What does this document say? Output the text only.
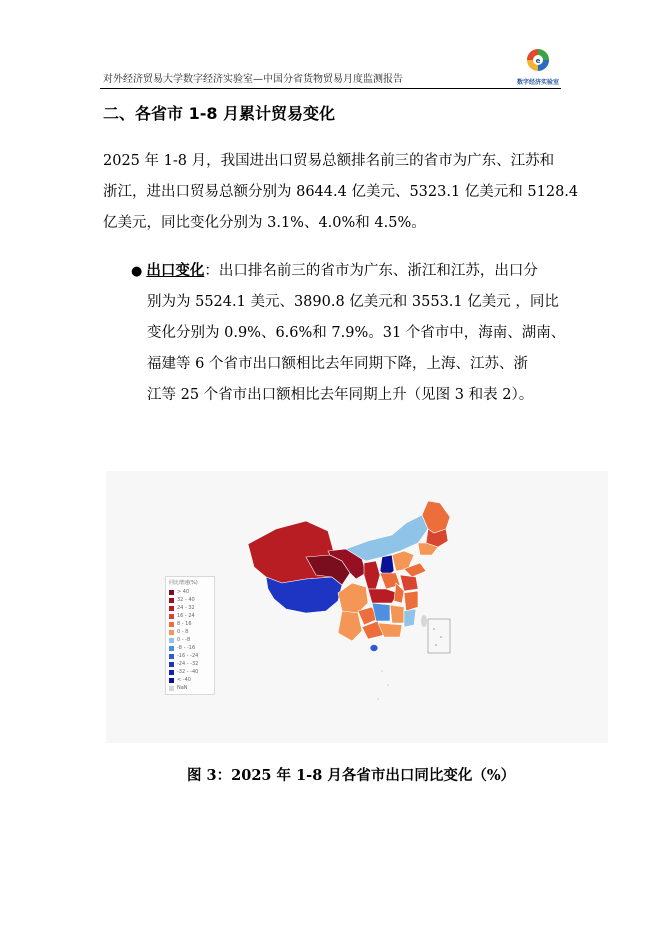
对外经济贸易大学数字经济实验室—中国分省货物贸易月度监测报告
e
数字经济实验室
二、各省市 1-8 月累计贸易变化

2025 年 1-8 月，我国进出口贸易总额排名前三的省市为广东、江苏和

浙江，进出口贸易总额分别为 8644.4 亿美元、5323.1 亿美元和 5128.4

亿美元，同比变化分别为 3.1%、4.0%和 4.5%。

● 出口变化：出口排名前三的省市为广东、浙江和江苏，出口分

别为为 5524.1 美元、3890.8 亿美元和 3553.1 亿美元 ，同比

变化分别为 0.9%、6.6%和 7.9%。31 个省市中，海南、湖南、

福建等 6 个省市出口额相比去年同期下降，上海、江苏、浙

江等 25 个省市出口额相比去年同期上升（见图 3 和表 2）。

同比增速(%)
> 40
32 - 40
24 - 32
16 - 24
8 - 16
0 - 8
0 - -8
-8 - -16
-16 - -24
-24 - -32
-32 - -40
< -40
NaN
图 3：2025 年 1-8 月各省市出口同比变化（%）
